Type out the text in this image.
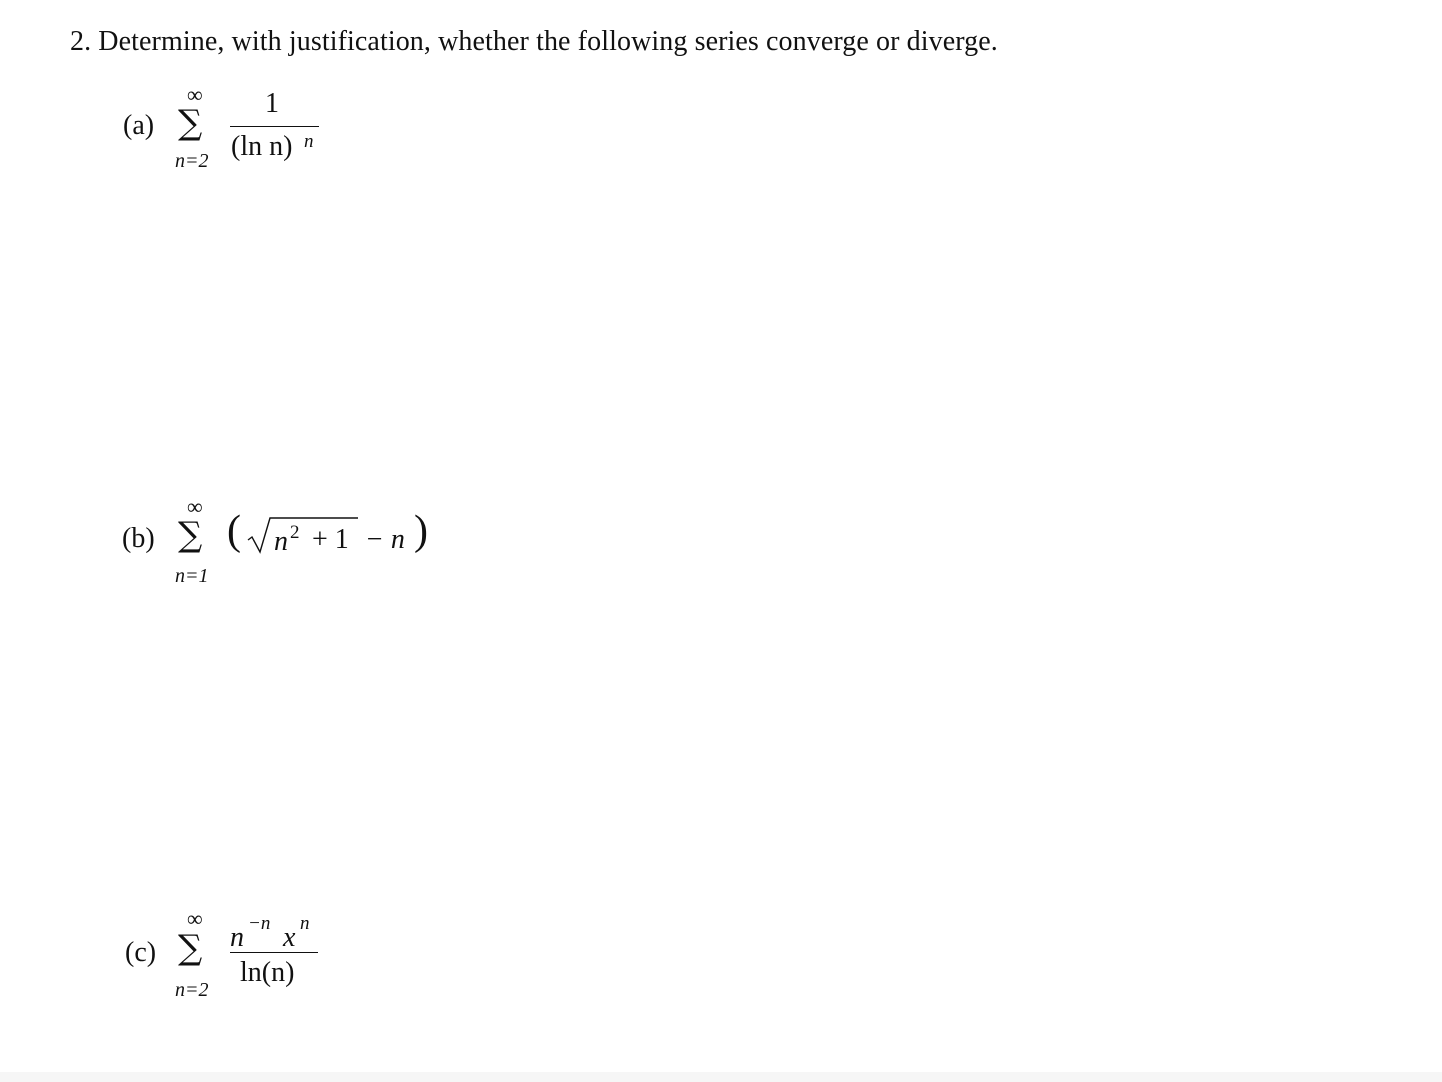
2. Determine, with justification, whether the following series converge or diverge.
(a)
∞
∑
n=2
1
(ln n) n
(b)
∞
∑
n=1
( n 2 + 1 − n )
(c)
∞
∑
n=2
n −n x n
ln(n)
